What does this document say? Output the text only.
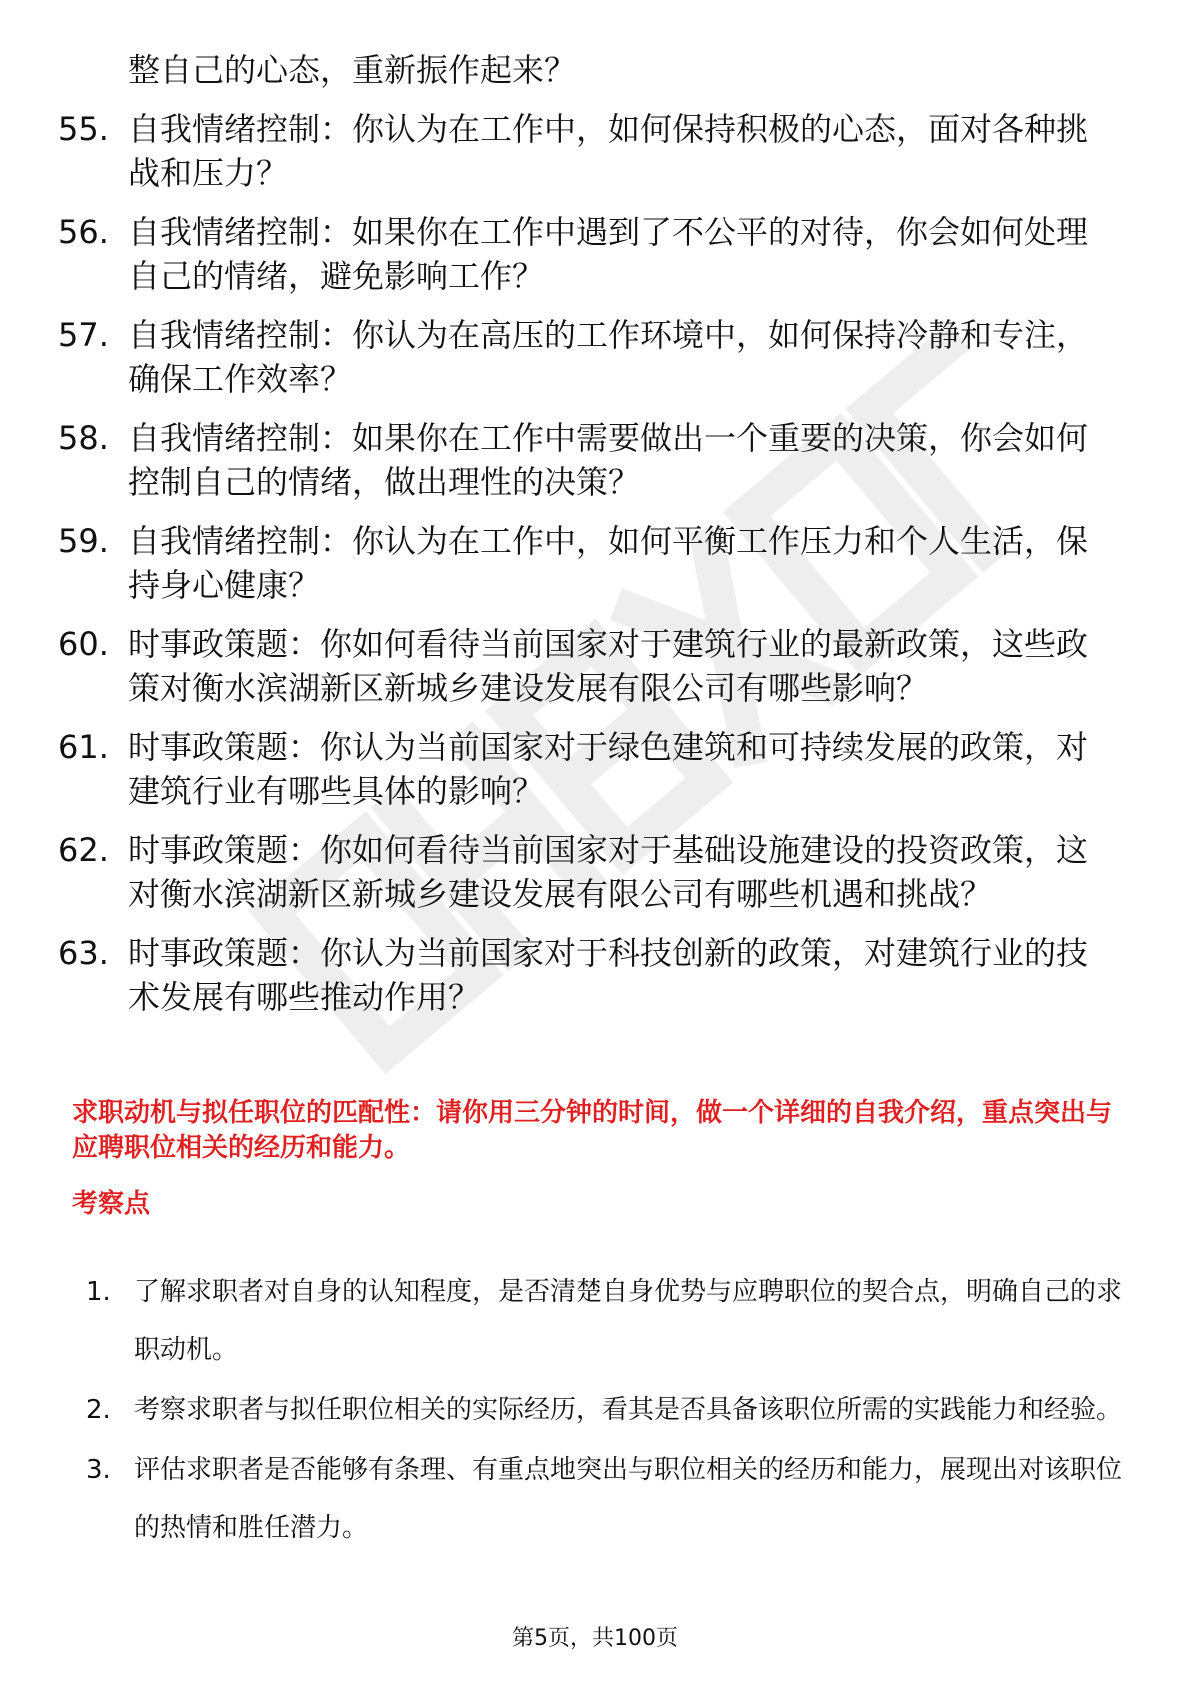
整自己的心态，重新振作起来？
55. 自我情绪控制：你认为在工作中，如何保持积极的心态，面对各种挑战和压力？
56. 自我情绪控制：如果你在工作中遇到了不公平的对待，你会如何处理自己的情绪，避免影响工作？
57. 自我情绪控制：你认为在高压的工作环境中，如何保持冷静和专注，确保工作效率？
58. 自我情绪控制：如果你在工作中需要做出一个重要的决策，你会如何控制自己的情绪，做出理性的决策？
59. 自我情绪控制：你认为在工作中，如何平衡工作压力和个人生活，保持身心健康？
60. 时事政策题：你如何看待当前国家对于建筑行业的最新政策，这些政策对衡水滨湖新区新城乡建设发展有限公司有哪些影响？
61. 时事政策题：你认为当前国家对于绿色建筑和可持续发展的政策，对建筑行业有哪些具体的影响？
62. 时事政策题：你如何看待当前国家对于基础设施建设的投资政策，这对衡水滨湖新区新城乡建设发展有限公司有哪些机遇和挑战？
63. 时事政策题：你认为当前国家对于科技创新的政策，对建筑行业的技术发展有哪些推动作用？
求职动机与拟任职位的匹配性：请你用三分钟的时间，做一个详细的自我介绍，重点突出与应聘职位相关的经历和能力。
考察点
1. 了解求职者对自身的认知程度，是否清楚自身优势与应聘职位的契合点，明确自己的求职动机。
2. 考察求职者与拟任职位相关的实际经历，看其是否具备该职位所需的实践能力和经验。
3. 评估求职者是否能够有条理、有重点地突出与职位相关的经历和能力，展现出对该职位的热情和胜任潜力。
第5页，共100页
